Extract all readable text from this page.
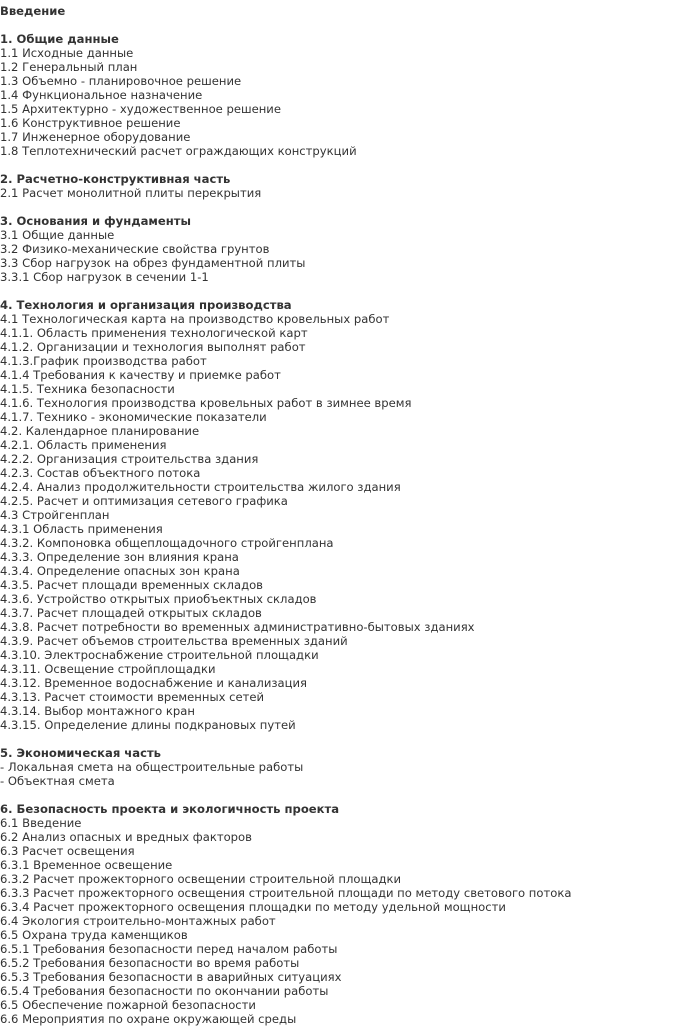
Введение
1. Общие данные
1.1 Исходные данные
1.2 Генеральный план
1.3 Объемно - планировочное решение
1.4 Функциональное назначение
1.5 Архитектурно - художественное решение
1.6 Конструктивное решение
1.7 Инженерное оборудование
1.8 Теплотехнический расчет ограждающих конструкций
2. Расчетно-конструктивная часть
2.1 Расчет монолитной плиты перекрытия
3. Основания и фундаменты
3.1 Общие данные
3.2 Физико-механические свойства грунтов
3.3 Сбор нагрузок на обрез фундаментной плиты
3.3.1 Сбор нагрузок в сечении 1-1
4. Технология и организация производства
4.1 Технологическая карта на производство кровельных работ
4.1.1. Область применения технологической карт
4.1.2. Организации и технология выполнят работ
4.1.3.График производства работ
4.1.4 Требования к качеству и приемке работ
4.1.5. Техника безопасности
4.1.6. Технология производства кровельных работ в зимнее время
4.1.7. Технико - экономические показатели
4.2. Календарное планирование
4.2.1. Область применения
4.2.2. Организация строительства здания
4.2.3. Состав объектного потока
4.2.4. Анализ продолжительности строительства жилого здания
4.2.5. Расчет и оптимизация сетевого графика
4.3 Стройгенплан
4.3.1 Область применения
4.3.2. Компоновка общеплощадочного стройгенплана
4.3.3. Определение зон влияния крана
4.3.4. Определение опасных зон крана
4.3.5. Расчет площади временных складов
4.3.6. Устройство открытых приобъектных складов
4.3.7. Расчет площадей открытых складов
4.3.8. Расчет потребности во временных административно-бытовых зданиях
4.3.9. Расчет объемов строительства временных зданий
4.3.10. Электроснабжение строительной площадки
4.3.11. Освещение стройплощадки
4.3.12. Временное водоснабжение и канализация
4.3.13. Расчет стоимости временных сетей
4.3.14. Выбор монтажного кран
4.3.15. Определение длины подкрановых путей
5. Экономическая часть
- Локальная смета на общестроительные работы
- Объектная смета
6. Безопасность проекта и экологичность проекта
6.1 Введение
6.2 Анализ опасных и вредных факторов
6.3 Расчет освещения
6.3.1 Временное освещение
6.3.2 Расчет прожекторного освещении строительной площадки
6.3.3 Расчет прожекторного освещения строительной площади по методу светового потока
6.3.4 Расчет прожекторного освещения площадки по методу удельной мощности
6.4 Экология строительно-монтажных работ
6.5 Охрана труда каменщиков
6.5.1 Требования безопасности перед началом работы
6.5.2 Требования безопасности во время работы
6.5.3 Требования безопасности в аварийных ситуациях
6.5.4 Требования безопасности по окончании работы
6.5 Обеспечение пожарной безопасности
6.6 Мероприятия по охране окружающей среды
